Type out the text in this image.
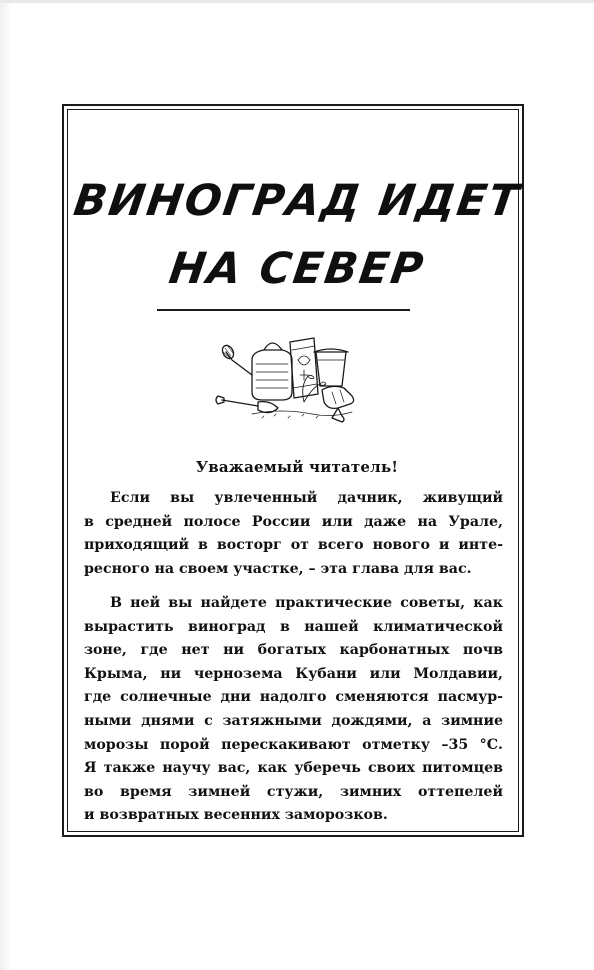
ВИНОГРАД ИДЕТ
НА СЕВЕР

Уважаемый читатель!

Если вы увлеченный дачник, живущий
в средней полосе России или даже на Урале,
приходящий в восторг от всего нового и инте-
ресного на своем участке, – эта глава для вас.
В ней вы найдете практические советы, как
вырастить виноград в нашей климатической
зоне, где нет ни богатых карбонатных почв
Крыма, ни чернозема Кубани или Молдавии,
где солнечные дни надолго сменяются пасмур-
ными днями с затяжными дождями, а зимние
морозы порой перескакивают отметку –35 °С.
Я также научу вас, как уберечь своих питомцев
во время зимней стужи, зимних оттепелей
и возвратных весенних заморозков.
